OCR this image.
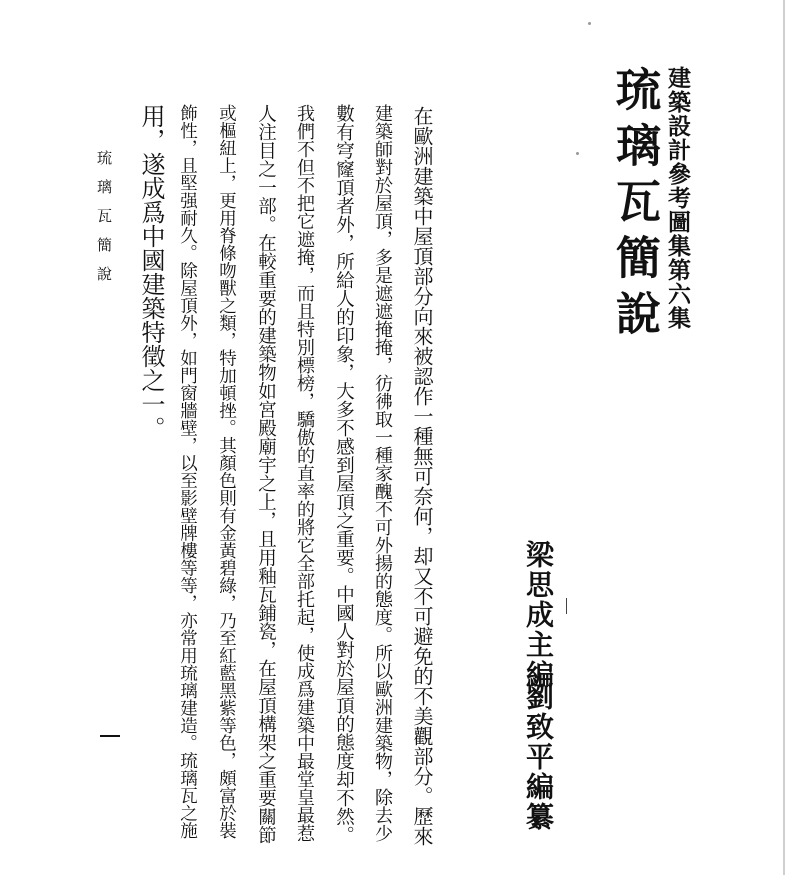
建築設計參考圖集第六集
琉璃瓦簡說
梁思成主編
劉致平編纂
在歐洲建築中屋頂部分向來被認作一種無可奈何，却又不可避免的不美觀部分。歷來
建築師對於屋頂，多是遮遮掩掩，彷彿取一種家醜不可外揚的態度。所以歐洲建築物，除去少
數有穹窿頂者外，所給人的印象，大多不感到屋頂之重要。中國人對於屋頂的態度却不然。
我們不但不把它遮掩，而且特別標榜，驕傲的直率的將它全部托起，使成爲建築中最堂皇最惹
人注目之一部。在較重要的建築物如宮殿廟宇之上，且用釉瓦鋪瓷，在屋頂構架之重要關節
或樞紐上，更用脊條吻獸之類，特加頓挫。其顏色則有金黃碧綠，乃至紅藍黑紫等色，頗富於裝
飾性，且堅强耐久。除屋頂外，如門窗牆壁，以至影壁牌樓等等，亦常用琉璃建造。琉璃瓦之施
用，遂成爲中國建築特徵之一。
琉璃瓦簡說
